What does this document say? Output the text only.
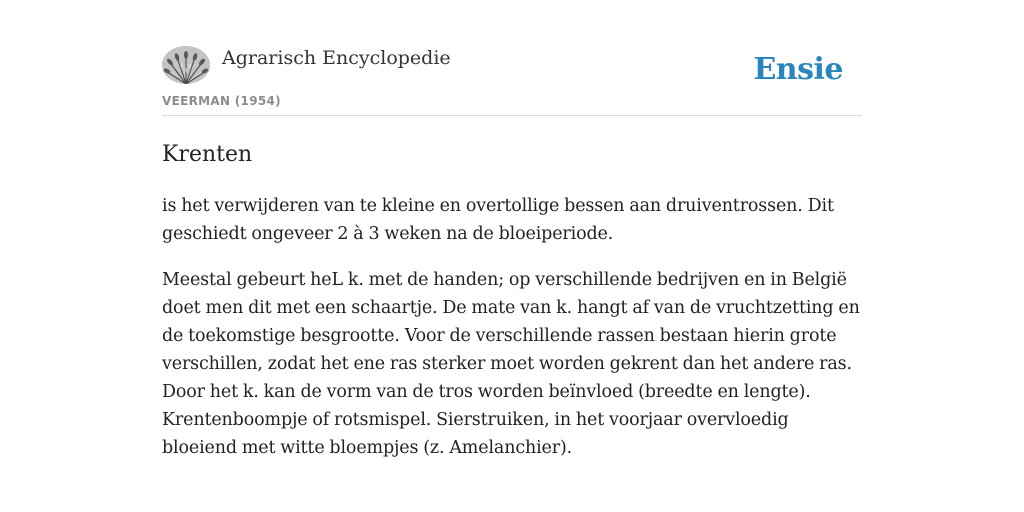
Agrarisch Encyclopedie
VEERMAN (1954)
Ensie
Krenten

is het verwijderen van te kleine en overtollige bessen aan druiventrossen. Dit geschiedt ongeveer 2 à 3 weken na de bloeiperiode.

Meestal gebeurt heL k. met de handen; op verschillende bedrijven en in België doet men dit met een schaartje. De mate van k. hangt af van de vruchtzetting en de toekomstige besgrootte. Voor de verschillende rassen bestaan hierin grote verschillen, zodat het ene ras sterker moet worden gekrent dan het andere ras. Door het k. kan de vorm van de tros worden beïnvloed (breedte en lengte). Krentenboompje of rotsmispel. Sierstruiken, in het voorjaar overvloedig bloeiend met witte bloempjes (z. Amelanchier).
